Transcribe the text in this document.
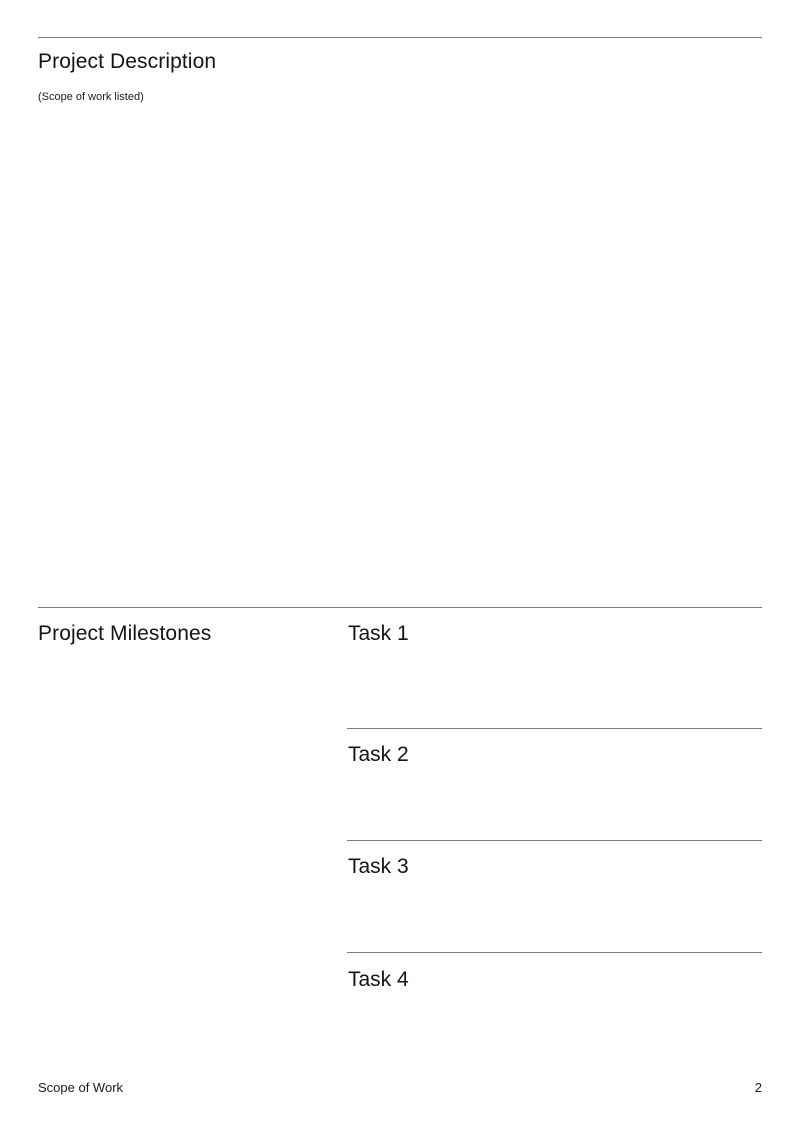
Project Description
(Scope of work listed)
Project Milestones	Task 1
Task 2
Task 3
Task 4
Scope of Work	2
